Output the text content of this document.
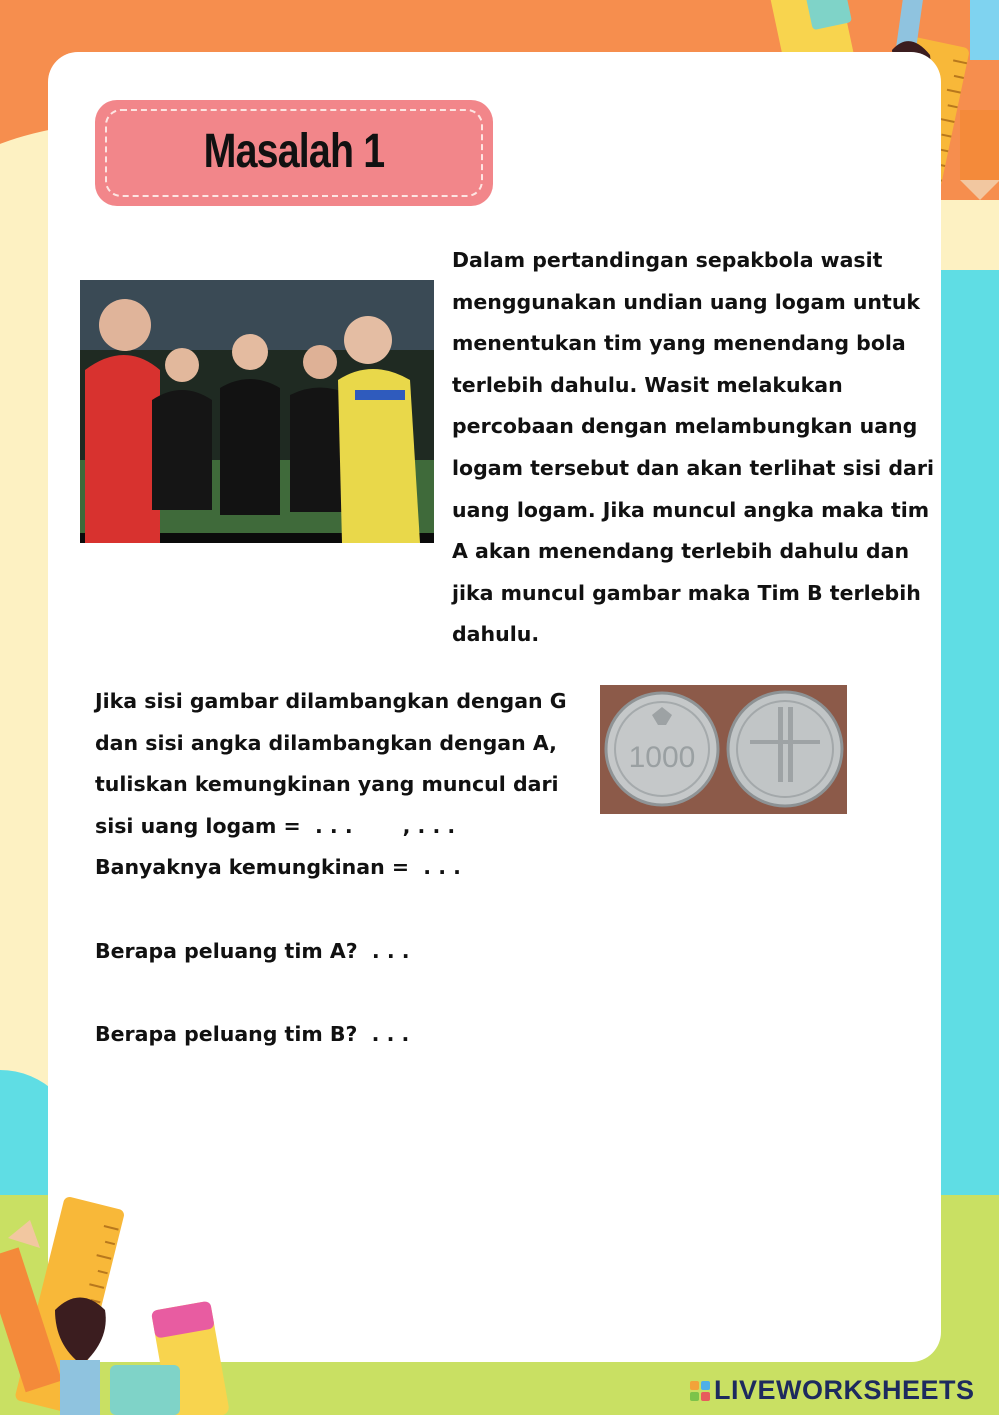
Masalah 1
Dalam pertandingan sepakbola wasit
menggunakan undian uang logam untuk
menentukan tim yang menendang bola
terlebih dahulu. Wasit melakukan
percobaan dengan melambungkan uang
logam tersebut dan akan terlihat sisi dari
uang logam. Jika muncul angka maka tim
A akan menendang terlebih dahulu dan
jika muncul gambar maka Tim B terlebih
dahulu.
Jika sisi gambar dilambangkan dengan G
dan sisi angka dilambangkan dengan A,
tuliskan kemungkinan yang muncul dari
sisi uang logam =  . . .       , . . .
Banyaknya kemungkinan =  . . .
Berapa peluang tim A?  . . .
Berapa peluang tim B?  . . .
1000
LIVEWORKSHEETS
